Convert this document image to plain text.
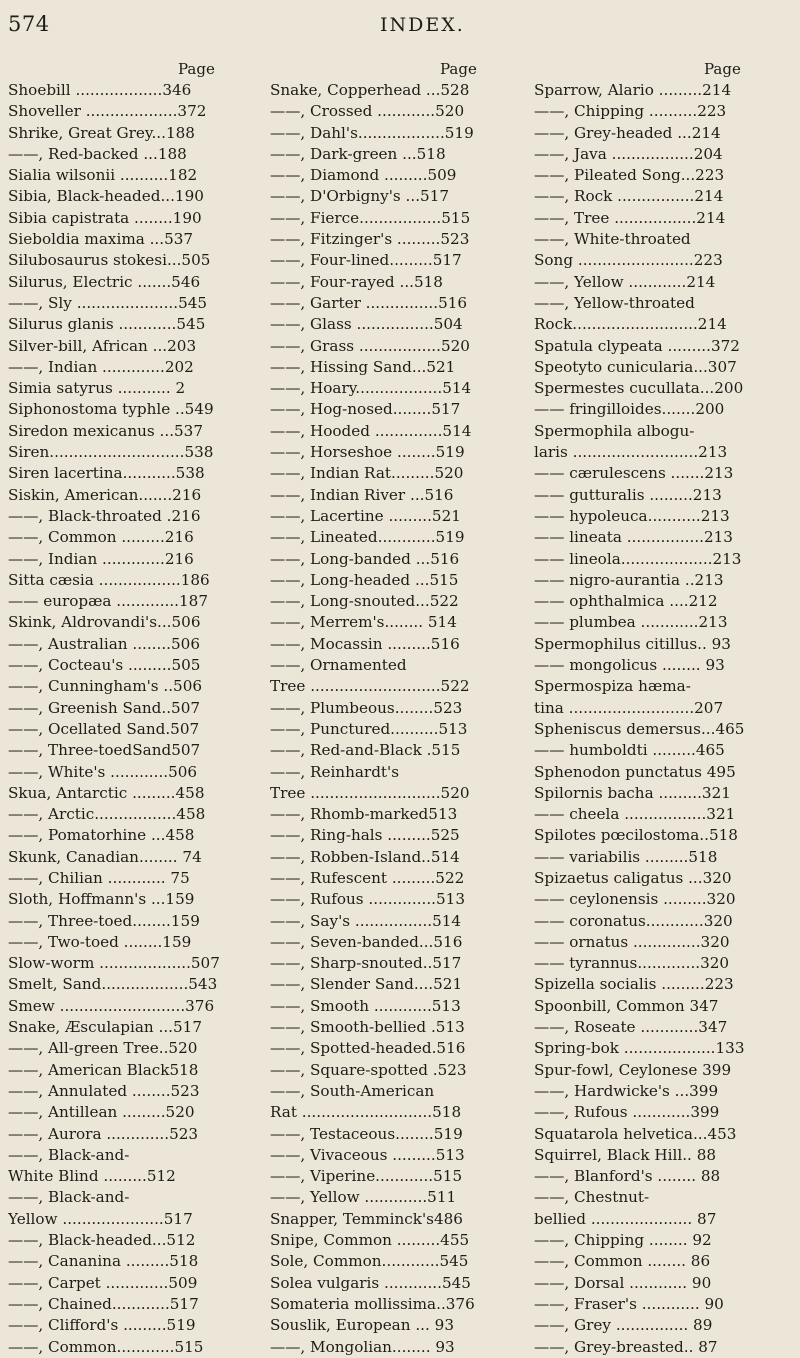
574	INDEX.
Page
Shoebill ..................346
Shoveller ...................372
Shrike, Great Grey...188
——, Red-backed ...188
Sialia wilsonii ..........182
Sibia, Black-headed...190
Sibia capistrata ........190
Sieboldia maxima ...537
Silubosaurus stokesi...505
Silurus, Electric .......546
——, Sly .....................545
Silurus glanis ............545
Silver-bill, African ...203
——, Indian .............202
Simia satyrus ........... 2
Siphonostoma typhle ..549
Siredon mexicanus ...537
Siren............................538
Siren lacertina...........538
Siskin, American.......216
——, Black-throated .216
——, Common .........216
——, Indian .............216
Sitta cæsia .................186
—— europæa .............187
Skink, Aldrovandi's...506
——, Australian ........506
——, Cocteau's .........505
——, Cunningham's ..506
——, Greenish Sand..507
——, Ocellated Sand.507
——, Three-toedSand507
——, White's ............506
Skua, Antarctic .........458
——, Arctic.................458
——, Pomatorhine ...458
Skunk, Canadian........ 74
——, Chilian ............ 75
Sloth, Hoffmann's ...159
——, Three-toed........159
——, Two-toed ........159
Slow-worm ...................507
Smelt, Sand..................543
Smew ..........................376
Snake, Æsculapian ...517
——, All-green Tree..520
——, American Black518
——, Annulated ........523
——, Antillean .........520
——, Aurora .............523
——, Black-and-
White Blind .........512
——, Black-and-
Yellow .....................517
——, Black-headed...512
——, Cananina .........518
——, Carpet .............509
——, Chained............517
——, Clifford's .........519
——, Common............515
Page
Snake, Copperhead ...528
——, Crossed ............520
——, Dahl's..................519
——, Dark-green ...518
——, Diamond .........509
——, D'Orbigny's ...517
——, Fierce.................515
——, Fitzinger's .........523
——, Four-lined.........517
——, Four-rayed ...518
——, Garter ...............516
——, Glass ................504
——, Grass .................520
——, Hissing Sand...521
——, Hoary..................514
——, Hog-nosed........517
——, Hooded ..............514
——, Horseshoe ........519
——, Indian Rat.........520
——, Indian River ...516
——, Lacertine .........521
——, Lineated............519
——, Long-banded ...516
——, Long-headed ...515
——, Long-snouted...522
——, Merrem's........ 514
——, Mocassin .........516
——, Ornamented
Tree ...........................522
——, Plumbeous........523
——, Punctured..........513
——, Red-and-Black .515
——, Reinhardt's
Tree ...........................520
——, Rhomb-marked513
——, Ring-hals .........525
——, Robben-Island..514
——, Rufescent .........522
——, Rufous ..............513
——, Say's ................514
——, Seven-banded...516
——, Sharp-snouted..517
——, Slender Sand....521
——, Smooth ............513
——, Smooth-bellied .513
——, Spotted-headed.516
——, Square-spotted .523
——, South-American
Rat ...........................518
——, Testaceous........519
——, Vivaceous .........513
——, Viperine............515
——, Yellow .............511
Snapper, Temminck's486
Snipe, Common .........455
Sole, Common............545
Solea vulgaris ............545
Somateria mollissima..376
Souslik, European ... 93
——, Mongolian........ 93
Page
Sparrow, Alario .........214
——, Chipping ..........223
——, Grey-headed ...214
——, Java .................204
——, Pileated Song...223
——, Rock ................214
——, Tree .................214
——, White-throated
Song ........................223
——, Yellow ............214
——, Yellow-throated
Rock..........................214
Spatula clypeata .........372
Speotyto cunicularia...307
Spermestes cucullata...200
—— fringilloides.......200
Spermophila albogu-
laris ..........................213
—— cærulescens .......213
—— gutturalis .........213
—— hypoleuca...........213
—— lineata ................213
—— lineola...................213
—— nigro-aurantia ..213
—— ophthalmica ....212
—— plumbea ............213
Spermophilus citillus.. 93
—— mongolicus ........ 93
Spermospiza hæma-
tina ..........................207
Spheniscus demersus...465
—— humboldti .........465
Sphenodon punctatus 495
Spilornis bacha .........321
—— cheela .................321
Spilotes pœcilostoma..518
—— variabilis .........518
Spizaetus caligatus ...320
—— ceylonensis .........320
—— coronatus............320
—— ornatus ..............320
—— tyrannus.............320
Spizella socialis .........223
Spoonbill, Common 347
——, Roseate ............347
Spring-bok ...................133
Spur-fowl, Ceylonese 399
——, Hardwicke's ...399
——, Rufous ............399
Squatarola helvetica...453
Squirrel, Black Hill.. 88
——, Blanford's ........ 88
——, Chestnut-
bellied ..................... 87
——, Chipping ........ 92
——, Common ........ 86
——, Dorsal ............ 90
——, Fraser's ............ 90
——, Grey ............... 89
——, Grey-breasted.. 87
